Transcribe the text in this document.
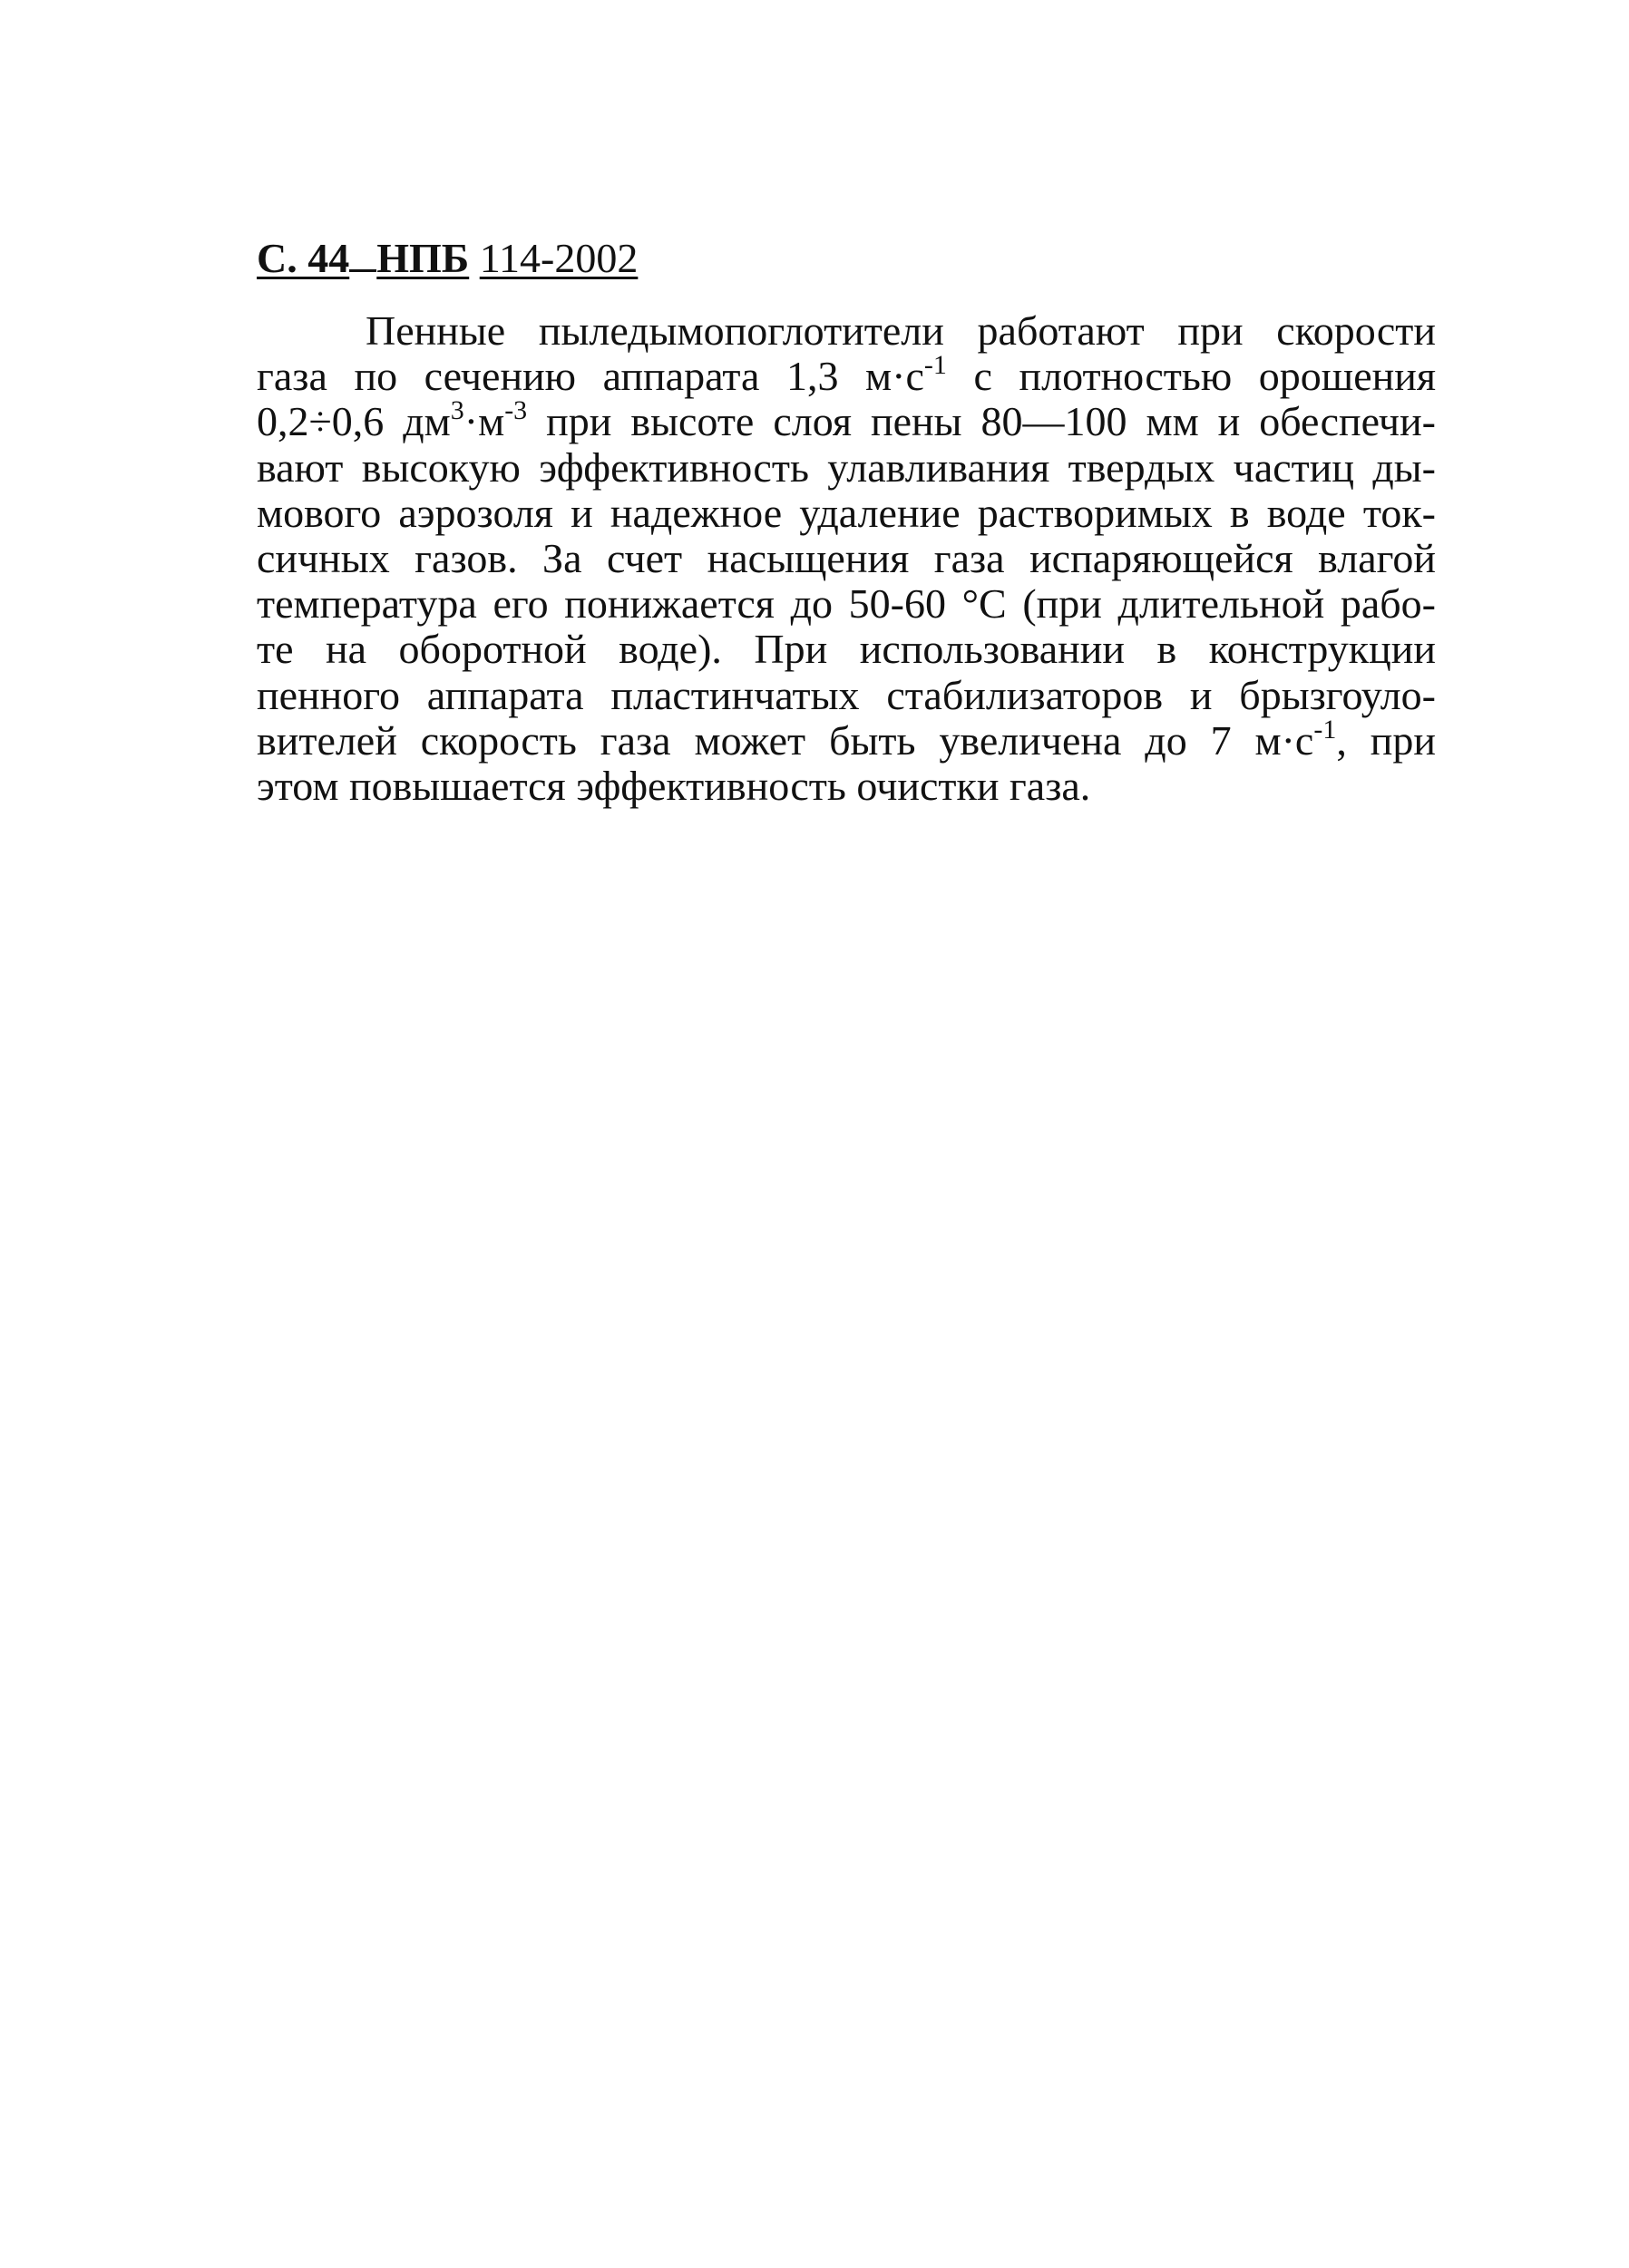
С. 44 НПБ 114-2002
Пенные пыледымопоглотители работают при скорости
газа по сечению аппарата 1,3 $м\cdot с^{-1}$ с плотностью орошения
0,2÷0,6 $дм^3\cdot м^{-3}$ при высоте слоя пены 80—100 мм и обеспечи-
вают высокую эффективность улавливания твердых частиц ды-
мового аэрозоля и надежное удаление растворимых в воде ток-
сичных газов. За счет насыщения газа испаряющейся влагой
температура его понижается до 50-60 °С (при длительной рабо-
те на оборотной воде). При использовании в конструкции
пенного аппарата пластинчатых стабилизаторов и брызгоуло-
вителей скорость газа может быть увеличена до 7 $м\cdot с^{-1}$, при
этом повышается эффективность очистки газа.
